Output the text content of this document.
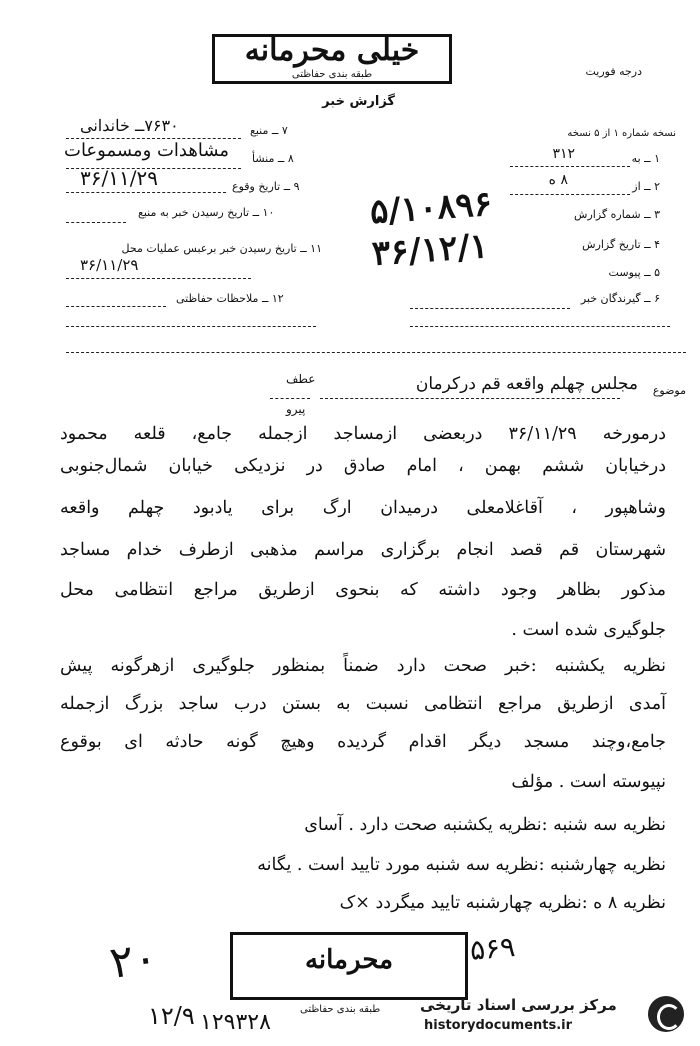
خیلی محرمانه
طبقه بندی حفاظتی	درجه فوریت
گزارش خبر
۷ ــ منبع
۷۶۳۰ــ خاندانی
۸ ــ منشأ
مشاهدات ومسموعات
۹ ــ تاریخ وقوع
۳۶/۱۱/۲۹
۱۰ ــ تاریخ رسیدن خبر به منبع
۱۱ ــ تاریخ رسیدن خبر برعبس عملیات محل
۳۶/۱۱/۲۹
۱۲ ــ ملاحظات حفاظتی
نسخه شماره ۱ از ۵ نسخه
۱ ــ به
۳۱۲
۲ ــ از
۸ ه
۳ ــ شماره گزارش
۴ ــ تاریخ گزارش
۵ ــ پیوست
۶ ــ گیرندگان خبر
۵/۱۰۸۹۶
۳۶/۱۲/۱
موضوع
مجلس چهلم واقعه قم درکرمان
عطف
پیرو
درمورخه ۳۶/۱۱/۲۹ دربعضی ازمساجد ازجمله جامع، قلعه محمود
درخیابان ششم بهمن ، امام صادق در نزدیکی خیابان شمال‌جنوبی
وشاهپور ، آقاغلامعلی درمیدان ارگ برای یادبود چهلم واقعه
شهرستان قم قصد انجام برگزاری مراسم مذهبی ازطرف خدام مساجد
مذکور بظاهر وجود داشته که بنحوی ازطریق مراجع انتظامی محل
جلوگیری شده است .
نظریه یکشنبه :خبر صحت دارد ضمناً بمنظور جلوگیری ازهرگونه پیش
آمدی ازطریق مراجع انتظامی نسبت به بستن درب ساجد بزرگ ازجمله
جامع،وچند مسجد دیگر اقدام گردیده وهیچ گونه حادثه ای بوقوع
نپیوسته است . مؤلف
نظریه سه شنبه :نظریه یکشنبه صحت دارد . آسای
نظریه چهارشنبه :نظریه سه شنبه مورد تایید است . یگانه
نظریه ۸ ه :نظریه چهارشنبه تایید میگردد ×ک
محرمانه
طبقه بندی حفاظتی
۲۰
۱۲/۹ ۱۲۹۳۲۸
۵۶۹
مرکز بررسی اسناد تاریخی
historydocuments.ir
